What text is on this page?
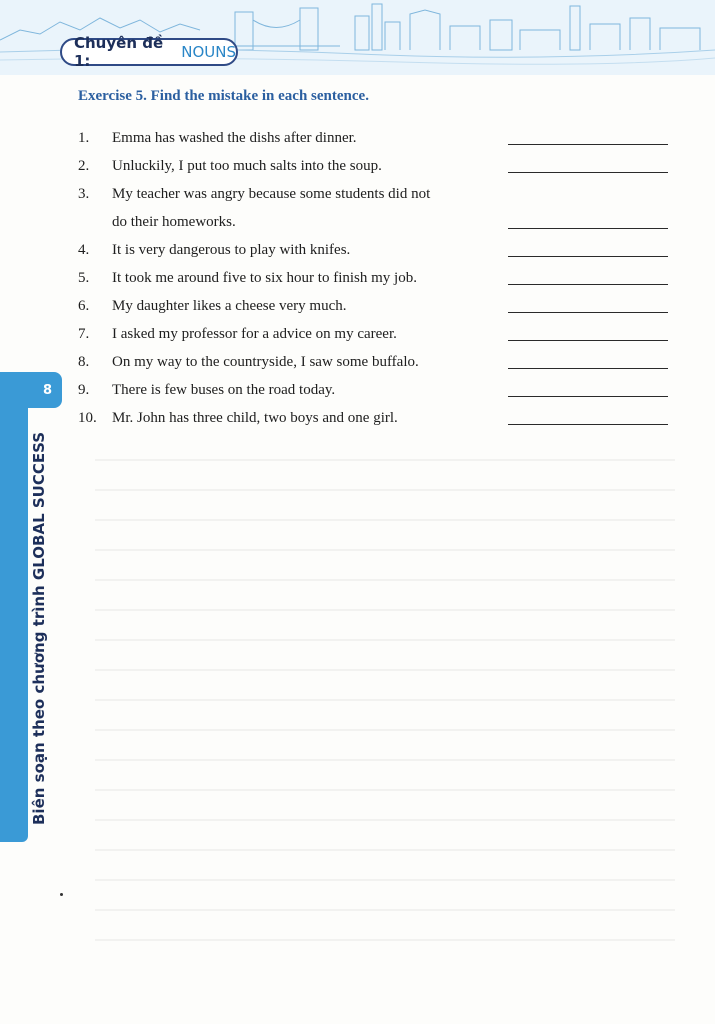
Chuyên đề 1:	NOUNS
Exercise 5. Find the mistake in each sentence.
1.	Emma has washed the dishs after dinner.
2.	Unluckily, I put too much salts into the soup.
3.	My teacher was angry because some students did not
do their homeworks.
4.	It is very dangerous to play with knifes.
5.	It took me around five to six hour to finish my job.
6.	My daughter likes a cheese very much.
7.	I asked my professor for a advice on my career.
8.	On my way to the countryside, I saw some buffalo.
9.	There is few buses on the road today.
10.	Mr. John has three child, two boys and one girl.
8
Biên soạn theo chương trình GLOBAL SUCCESS
